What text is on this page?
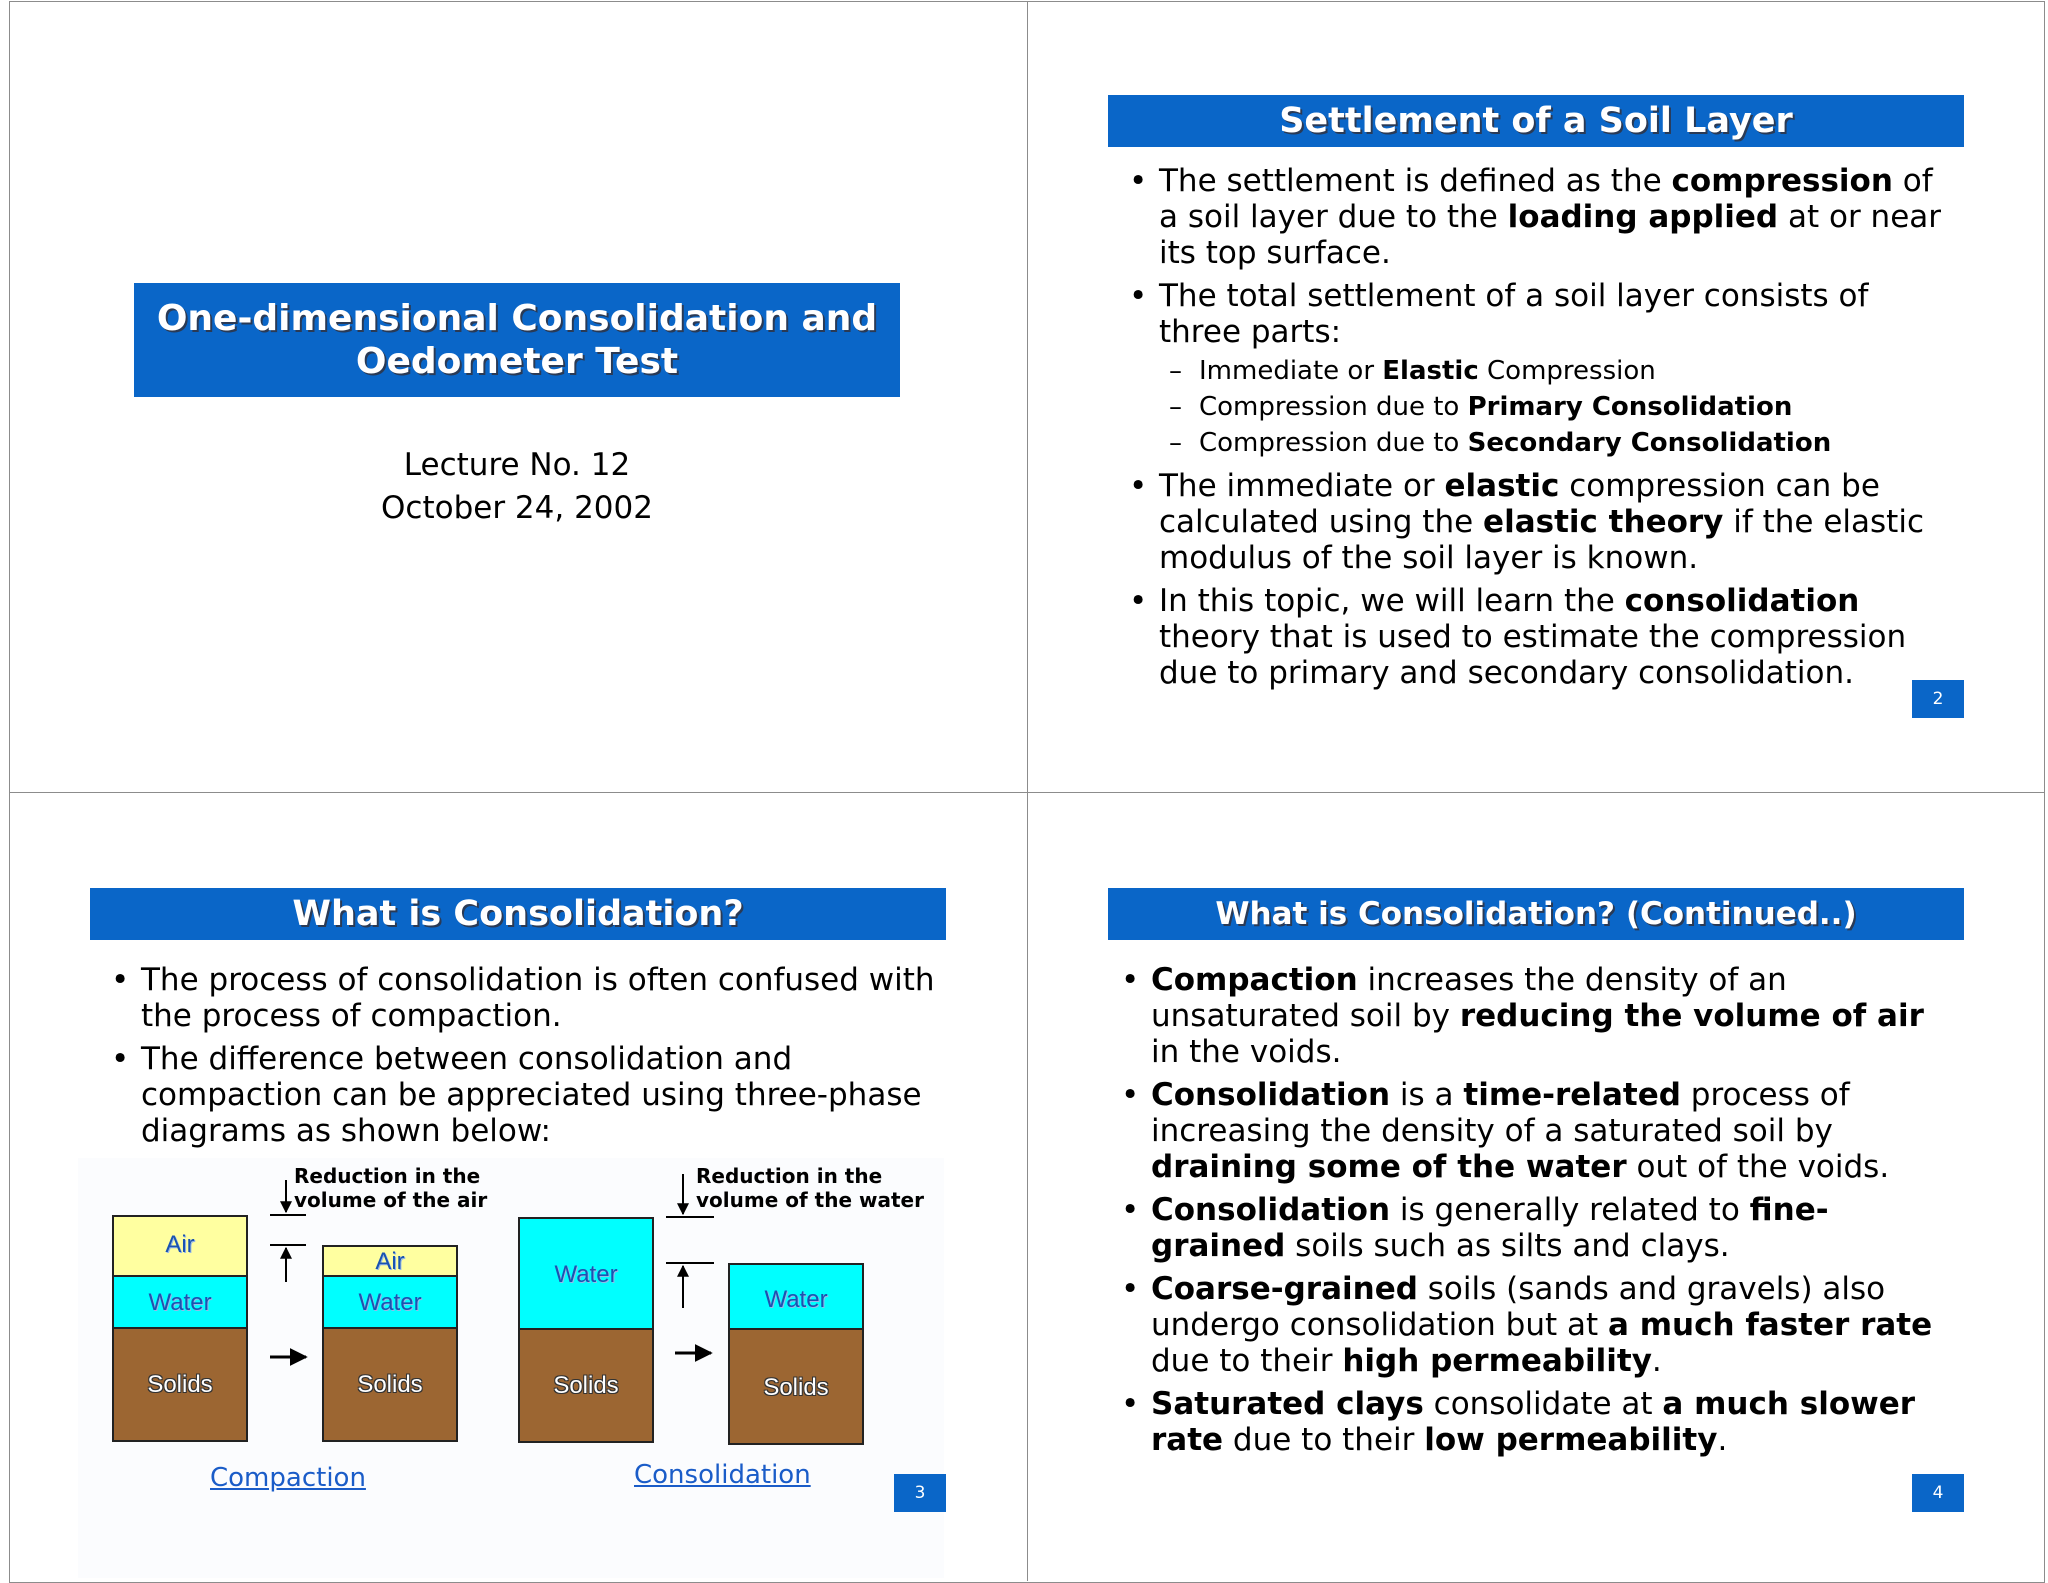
One-dimensional Consolidation and
Oedometer Test
Lecture No. 12
October 24, 2002
Settlement of a Soil Layer
• The settlement is defined as the compression of a soil layer due to the loading applied at or near its top surface.
• The total settlement of a soil layer consists of three parts:
– Immediate or Elastic Compression
– Compression due to Primary Consolidation
– Compression due to Secondary Consolidation
• The immediate or elastic compression can be calculated using the elastic theory if the elastic modulus of the soil layer is known.
• In this topic, we will learn the consolidation theory that is used to estimate the compression due to primary and secondary consolidation.
2
What is Consolidation?
• The process of consolidation is often confused with the process of compaction.
• The difference between consolidation and compaction can be appreciated using three-phase diagrams as shown below:
Air
Water
Solids
Air
Water
Solids
Water
Solids
Water
Solids
Reduction in the
volume of the air
Reduction in the
volume of the water
Compaction	Consolidation
3
What is Consolidation? (Continued..)
• Compaction increases the density of an unsaturated soil by reducing the volume of air in the voids.
• Consolidation is a time-related process of increasing the density of a saturated soil by draining some of the water out of the voids.
• Consolidation is generally related to fine-grained soils such as silts and clays.
• Coarse-grained soils (sands and gravels) also undergo consolidation but at a much faster rate due to their high permeability.
• Saturated clays consolidate at a much slower rate due to their low permeability.
4
